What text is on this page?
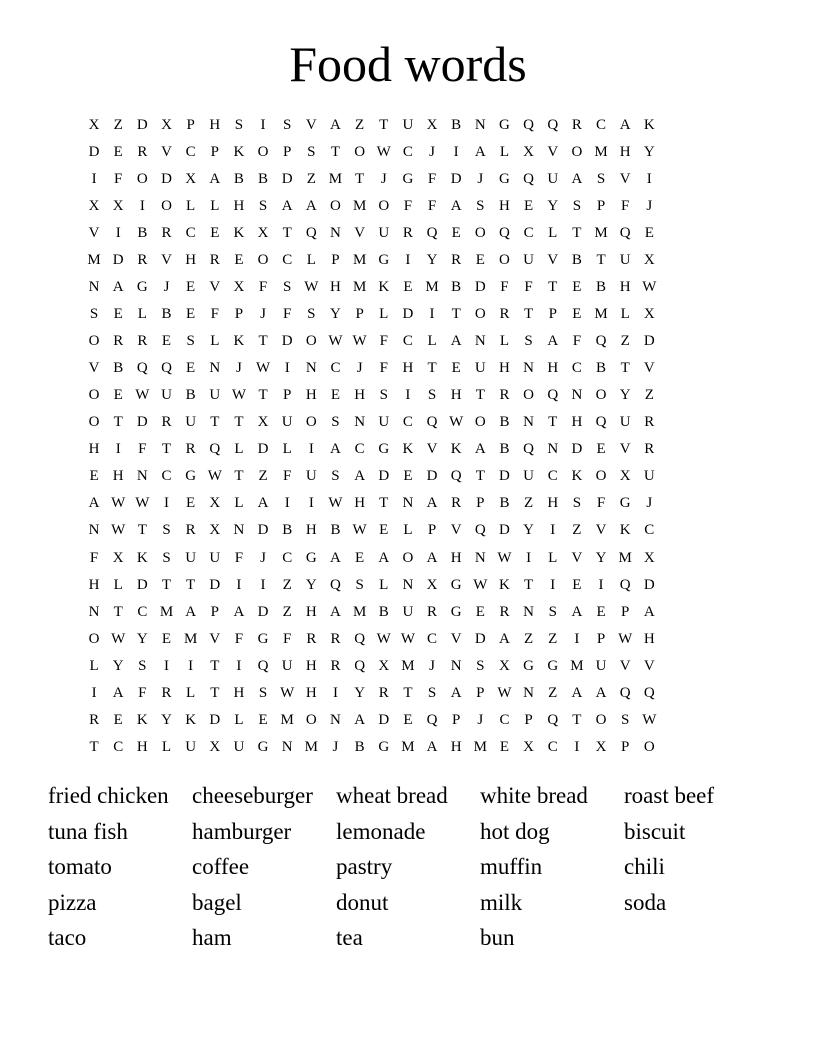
Food words
X Z D X P H S	I	S V A Z T U X B N G Q Q R C A K
D E R V C P K O P	S	T O W C	J	I	A L X V O M H Y
I	F O D X A B B D Z M T	J	G F D	J	G Q U A S V	I
X X	I	O L L H S A A O M O F	F A S H E Y S	P	F	J
V	I	B R C E K X T Q N V U R Q E O Q C L T M Q E
M D R V H R E O C L	P M G	I	Y R E O U V B T U X
N A G	J	E V X F	S W H M K E M B D F	F	T E B H W
S	E L B E	F	P	J	F	S Y P	L D	I	T O R T	P	E M L X
O R R E	S	L K T D O W W F C L A N L	S A F Q Z D
V B Q Q E N	J W I	N C	J	F H T E U H N H C B T V
O E W U B U W T	P H E H S	I	S H T R O Q N O Y Z
O T D R U T T X U O S N U C Q W O B N T H Q U R
H	I	F	T R Q L D L	I	A C G K V K A B Q N D E V R
E H N C G W T Z	F U S A D E D Q T D U C K O X U
A W W I	E X L A	I	I W H T N A R P B Z H S	F G	J
N W T	S R X N D B H B W E L	P V Q D Y	I	Z V K C
F X K S U U F	J	C G A E A O A H N W I	L V Y M X
H L D T T D	I	I	Z Y Q S	L N X G W K T	I	E	I	Q D
N T C M A P A D Z H A M B U R G E R N S A E	P A
O W Y E M V F G F R R Q W W C V D A Z Z	I	P W H
L Y S	I	I	T	I	Q U H R Q X M J	N S X G G M U V V
I	A F R L T H S W H	I	Y R T	S A P W N Z A A Q Q
R E K Y K D L E M O N A D E Q P	J	C P Q T O S W
T C H L U X U G N M J	B G M A H M E X C	I	X P O
fried chicken	cheeseburger	wheat bread	white bread	roast beef
tuna fish	hamburger	lemonade	hot dog	biscuit
tomato	coffee	pastry	muffin	chili
pizza	bagel	donut	milk	soda
taco	ham	tea	bun
